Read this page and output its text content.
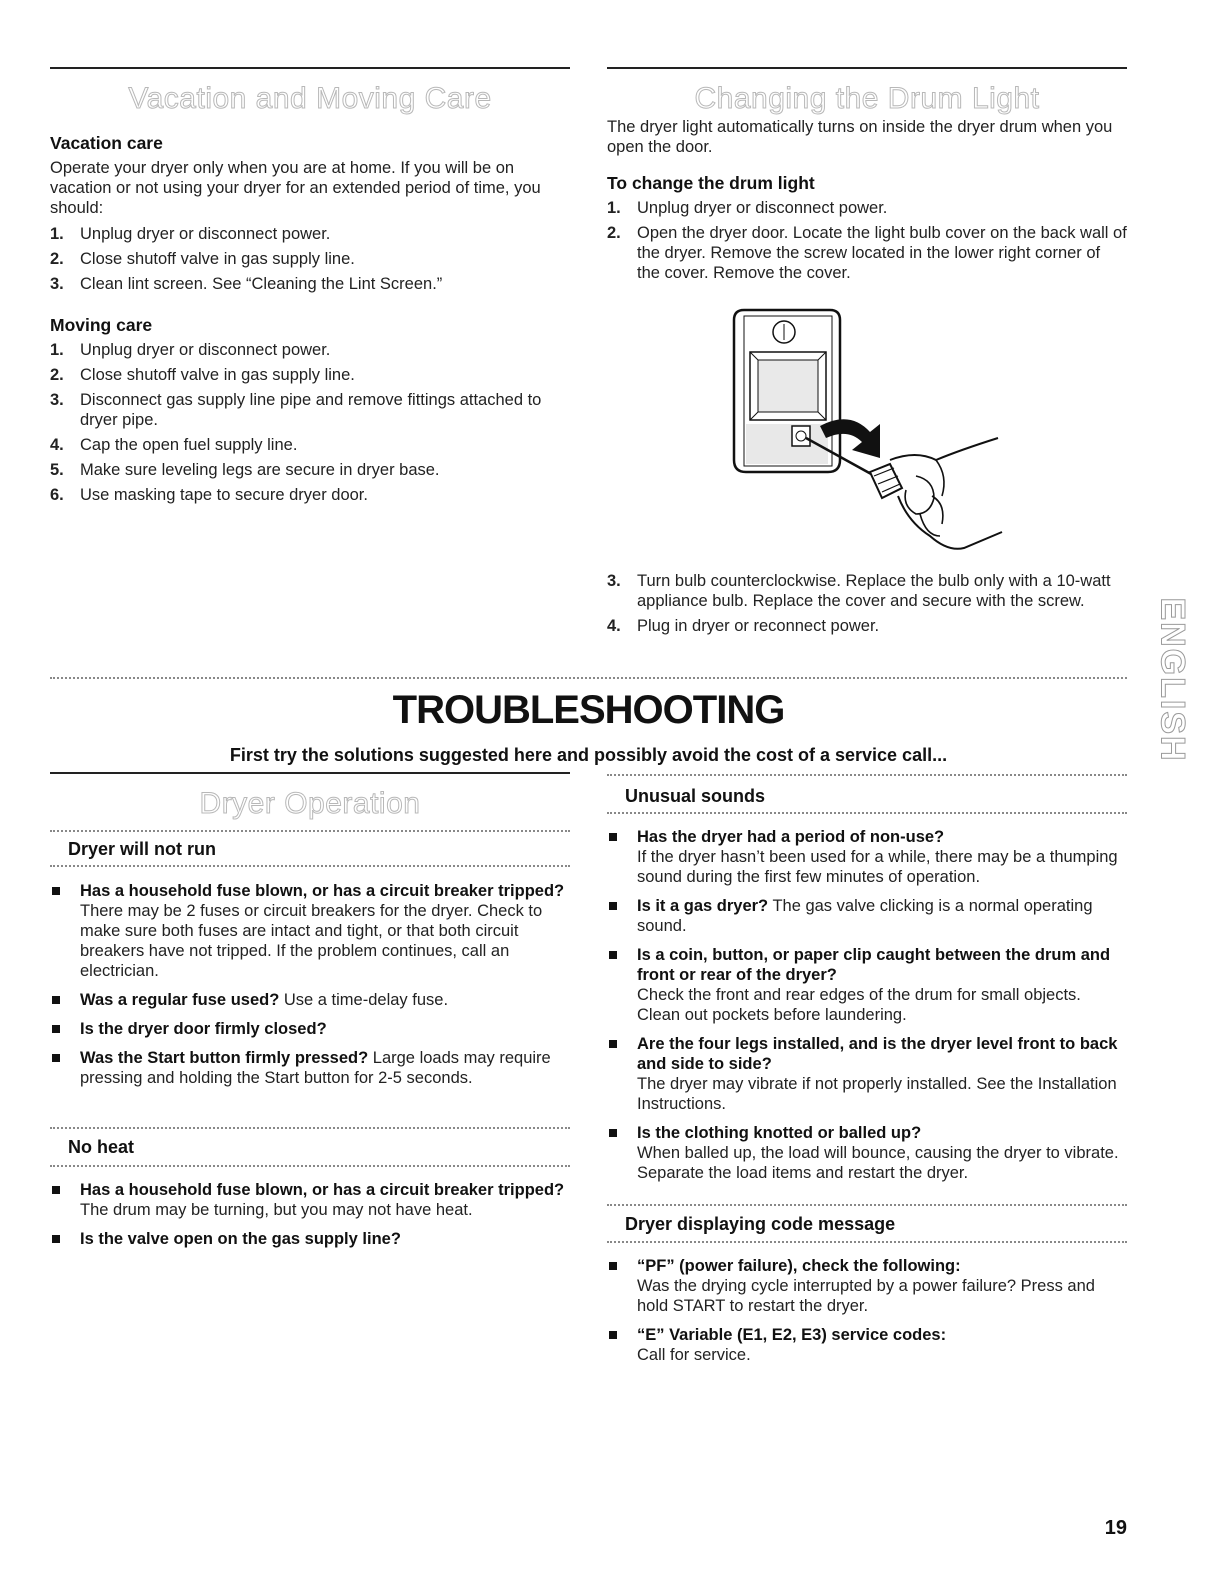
Vacation and Moving Care
Vacation care
Operate your dryer only when you are at home. If you will be on vacation or not using your dryer for an extended period of time, you should:
1. Unplug dryer or disconnect power.
2. Close shutoff valve in gas supply line.
3. Clean lint screen. See “Cleaning the Lint Screen.”
Moving care
1. Unplug dryer or disconnect power.
2. Close shutoff valve in gas supply line.
3. Disconnect gas supply line pipe and remove fittings attached to dryer pipe.
4. Cap the open fuel supply line.
5. Make sure leveling legs are secure in dryer base.
6. Use masking tape to secure dryer door.
Changing the Drum Light
The dryer light automatically turns on inside the dryer drum when you open the door.
To change the drum light
1. Unplug dryer or disconnect power.
2. Open the dryer door. Locate the light bulb cover on the back wall of the dryer. Remove the screw located in the lower right corner of the cover. Remove the cover.
3. Turn bulb counterclockwise. Replace the bulb only with a 10-watt appliance bulb. Replace the cover and secure with the screw.
4. Plug in dryer or reconnect power.
TROUBLESHOOTING
First try the solutions suggested here and possibly avoid the cost of a service call...
Dryer Operation
Dryer will not run
Has a household fuse blown, or has a circuit breaker tripped?
There may be 2 fuses or circuit breakers for the dryer. Check to make sure both fuses are intact and tight, or that both circuit breakers have not tripped. If the problem continues, call an electrician.
Was a regular fuse used? Use a time-delay fuse.
Is the dryer door firmly closed?
Was the Start button firmly pressed? Large loads may require pressing and holding the Start button for 2-5 seconds.
No heat
Has a household fuse blown, or has a circuit breaker tripped?
The drum may be turning, but you may not have heat.
Is the valve open on the gas supply line?
Unusual sounds
Has the dryer had a period of non-use?
If the dryer hasn’t been used for a while, there may be a thumping sound during the first few minutes of operation.
Is it a gas dryer? The gas valve clicking is a normal operating sound.
Is a coin, button, or paper clip caught between the drum and front or rear of the dryer?
Check the front and rear edges of the drum for small objects. Clean out pockets before laundering.
Are the four legs installed, and is the dryer level front to back and side to side?
The dryer may vibrate if not properly installed. See the Installation Instructions.
Is the clothing knotted or balled up?
When balled up, the load will bounce, causing the dryer to vibrate. Separate the load items and restart the dryer.
Dryer displaying code message
“PF” (power failure), check the following:
Was the drying cycle interrupted by a power failure? Press and hold START to restart the dryer.
“E” Variable (E1, E2, E3) service codes:
Call for service.
ENGLISH
19
